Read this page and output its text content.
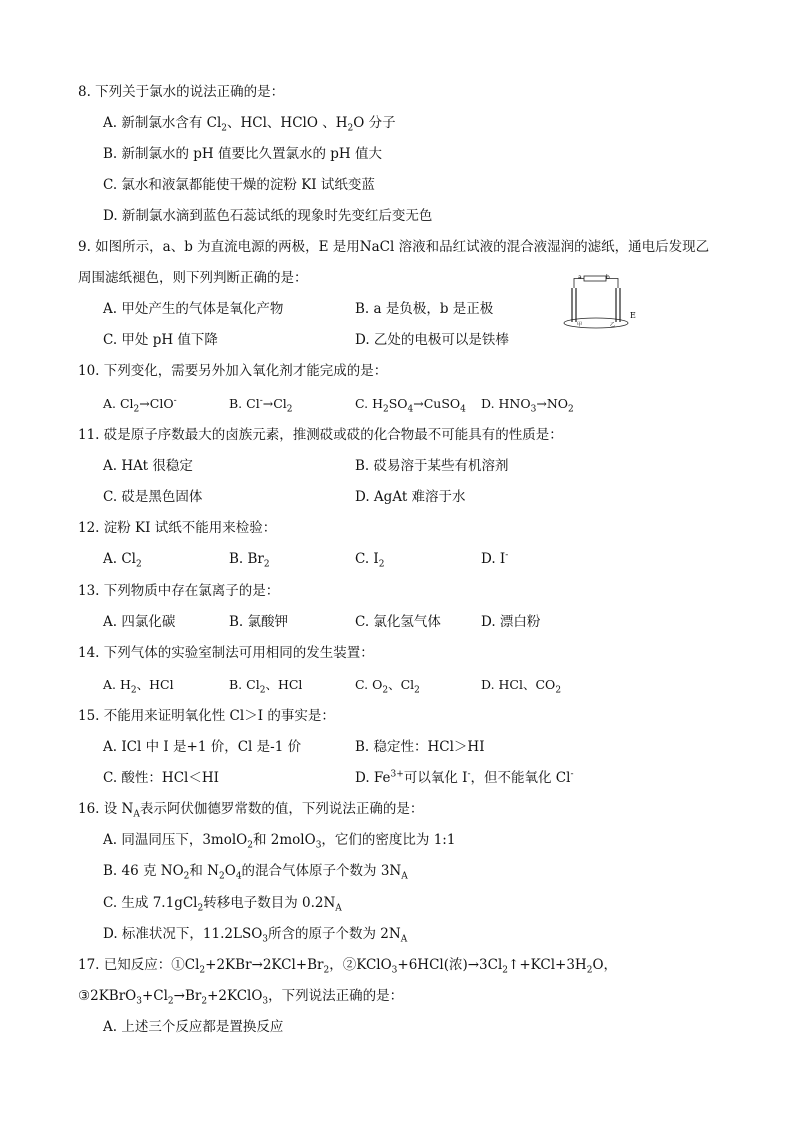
8. 下列关于氯水的说法正确的是：
A. 新制氯水含有 $Cl_2$、HCl、HClO 、$H_2O$ 分子
B. 新制氯水的 pH 值要比久置氯水的 pH 值大
C. 氯水和液氯都能使干燥的淀粉 KI 试纸变蓝
D. 新制氯水滴到蓝色石蕊试纸的现象时先变红后变无色
9. 如图所示，a、b 为直流电源的两极，E 是用NaCl 溶液和品红试液的混合液湿润的滤纸，通电后发现乙
周围滤纸褪色，则下列判断正确的是：
A. 甲处产生的气体是氧化产物	B. a 是负极，b 是正极
C. 甲处 pH 值下降	D. 乙处的电极可以是铁棒
a	b
甲	乙
E
10. 下列变化，需要另外加入氧化剂才能完成的是：
A. $Cl_2\to ClO^-$	B. $Cl^-\to Cl_2$	C. $H_2SO_4\to CuSO_4$ D. $HNO_3\to NO_2$
11. 砹是原子序数最大的卤族元素，推测砹或砹的化合物最不可能具有的性质是：
A. HAt 很稳定	B. 砹易溶于某些有机溶剂
C. 砹是黑色固体	D. AgAt 难溶于水
12. 淀粉 KI 试纸不能用来检验：
A. $Cl_2$	B. $Br_2$	C. $I_2$	D. I-
13. 下列物质中存在氯离子的是：
A. 四氯化碳	B. 氯酸钾	C. 氯化氢气体	D. 漂白粉
14. 下列气体的实验室制法可用相同的发生装置：
A. $H_2$、HCl	B. $Cl_2$、HCl	C. $O_2$、$Cl_2$	D. HCl、$CO_2$
15. 不能用来证明氧化性 Cl＞I 的事实是：
A. ICl 中 I 是+1 价，Cl 是-1 价	B. 稳定性：HCl＞HI
C. 酸性：HCl＜HI	D. $Fe^{3+}$可以氧化 I-，但不能氧化 Cl-
16. 设 $N_A$表示阿伏伽德罗常数的值，下列说法正确的是：
A. 同温同压下，3molO$_2$和 2molO$_3$，它们的密度比为 1:1
B. 46 克 $NO_2$和 $N_2O_4$的混合气体原子个数为 $3N_A$
C. 生成 7.1gCl$_2$转移电子数目为 $0.2N_A$
D. 标准状况下，$11.2LSO_3$所含的原子个数为 $2N_A$
17. 已知反应：$①Cl_2+2KBr\to 2KCl+Br_2$，②KClO$_3$+6HCl(浓)$\to 3Cl_2↑+KCl+3H_2O$，
$③2KBrO_3+Cl_2\to Br_2+2KClO_3$，下列说法正确的是：
A. 上述三个反应都是置换反应
